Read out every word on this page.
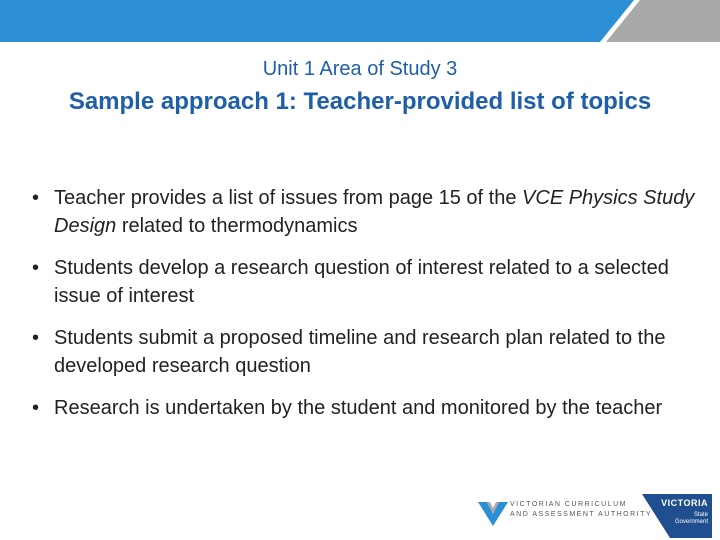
Unit 1 Area of Study 3
Sample approach 1: Teacher-provided list of topics
• Teacher provides a list of issues from page 15 of the VCE Physics Study Design related to thermodynamics
• Students develop a research question of interest related to a selected issue of interest
• Students submit a proposed timeline and research plan related to the developed research question
• Research is undertaken by the student and monitored by the teacher
VICTORIAN CURRICULUM
AND ASSESSMENT AUTHORITY
VICTORIA
State
Government
